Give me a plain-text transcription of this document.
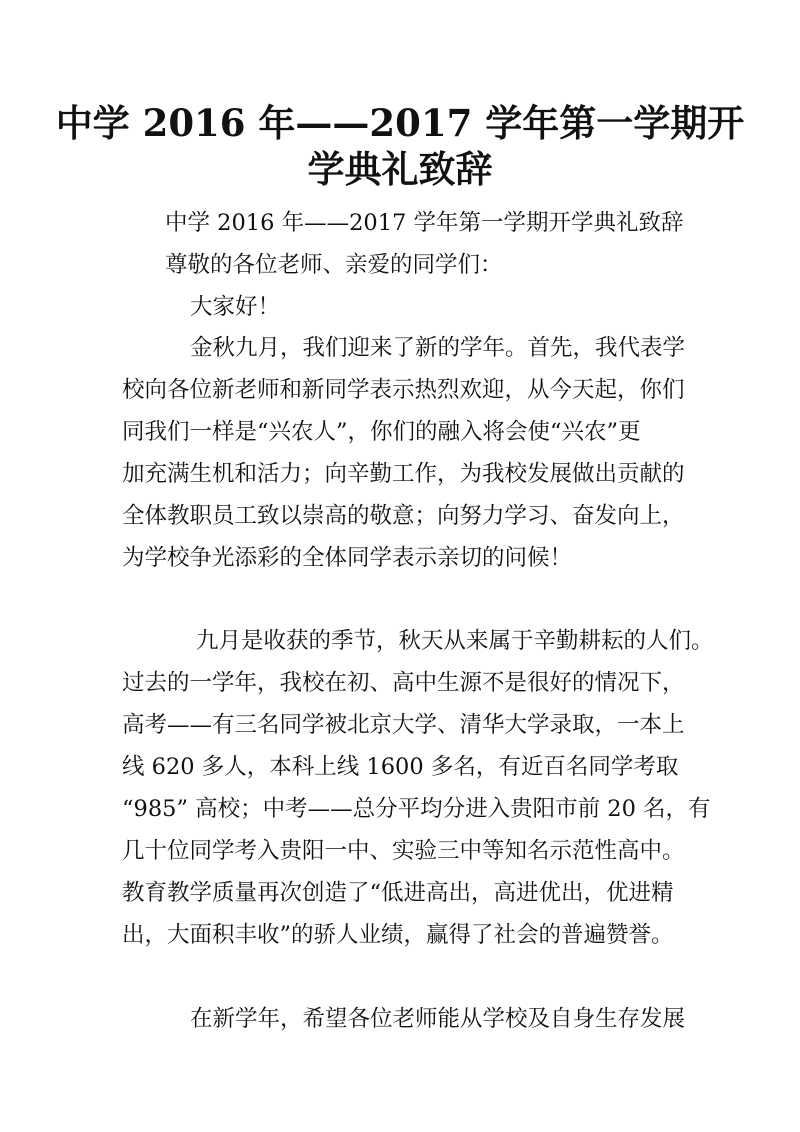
中学 2016 年——2017 学年第一学期开
学典礼致辞
中学 2016 年——2017 学年第一学期开学典礼致辞
尊敬的各位老师、亲爱的同学们：
大家好！
金秋九月，我们迎来了新的学年。首先，我代表学
校向各位新老师和新同学表示热烈欢迎，从今天起，你们
同我们一样是“兴农人”，你们的融入将会使“兴农”更
加充满生机和活力；向辛勤工作，为我校发展做出贡献的
全体教职员工致以崇高的敬意；向努力学习、奋发向上，
为学校争光添彩的全体同学表示亲切的问候！
九月是收获的季节，秋天从来属于辛勤耕耘的人们。
过去的一学年，我校在初、高中生源不是很好的情况下，
高考——有三名同学被北京大学、清华大学录取，一本上
线 620 多人，本科上线 1600 多名，有近百名同学考取
“985” 高校；中考——总分平均分进入贵阳市前 20 名，有
几十位同学考入贵阳一中、实验三中等知名示范性高中。
教育教学质量再次创造了“低进高出，高进优出，优进精
出，大面积丰收”的骄人业绩，赢得了社会的普遍赞誉。
在新学年，希望各位老师能从学校及自身生存发展
